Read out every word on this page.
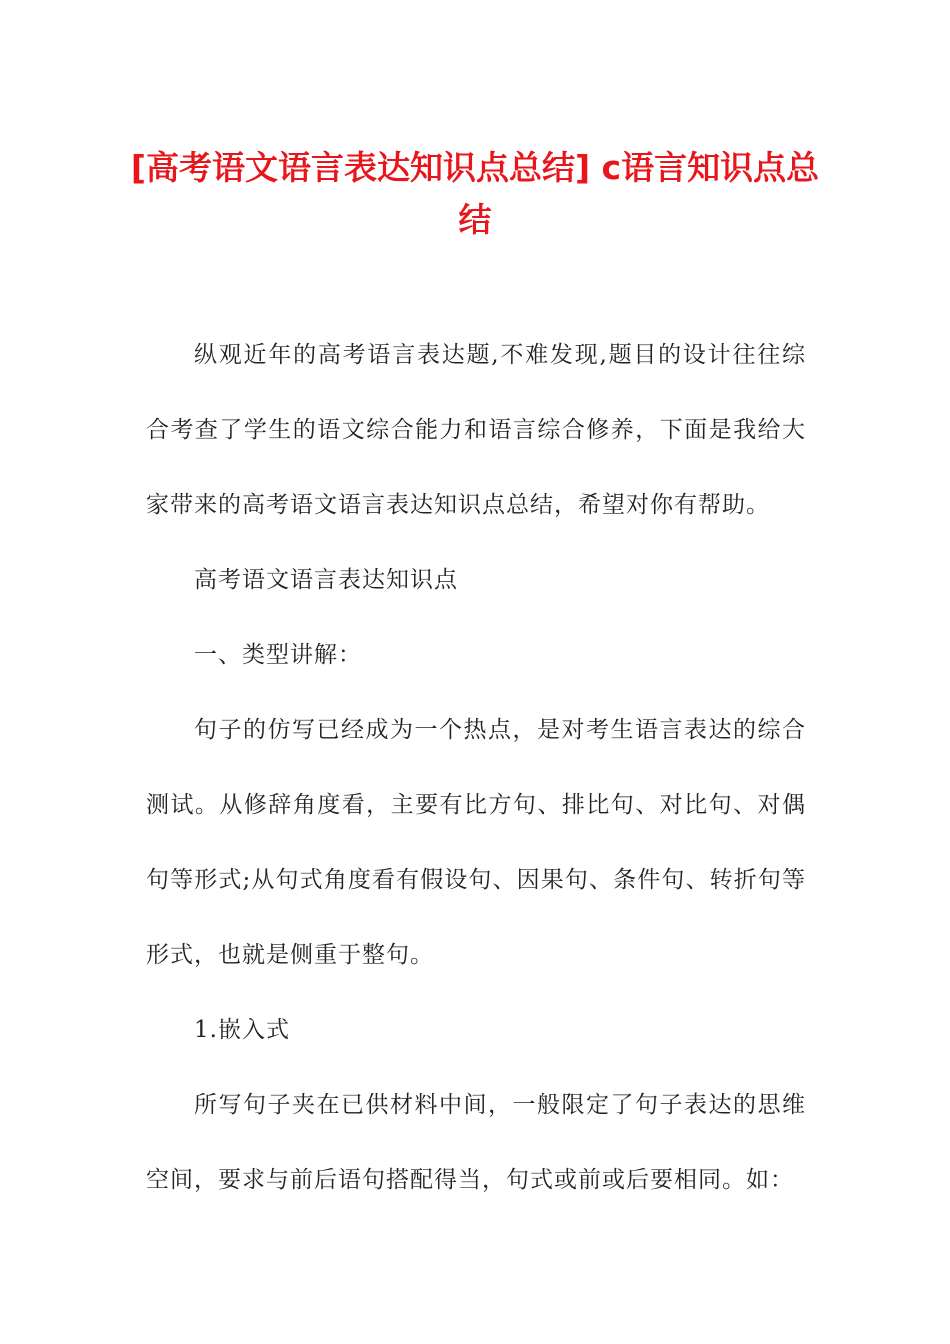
[高考语文语言表达知识点总结] c语言知识点总结

纵观近年的高考语言表达题,不难发现,题目的设计往往综合考查了学生的语文综合能力和语言综合修养，下面是我给大家带来的高考语文语言表达知识点总结，希望对你有帮助。

高考语文语言表达知识点

一、类型讲解：

句子的仿写已经成为一个热点，是对考生语言表达的综合测试。从修辞角度看，主要有比方句、排比句、对比句、对偶句等形式;从句式角度看有假设句、因果句、条件句、转折句等形式，也就是侧重于整句。

1.嵌入式

所写句子夹在已供材料中间，一般限定了句子表达的思维空间，要求与前后语句搭配得当，句式或前或后要相同。如：
